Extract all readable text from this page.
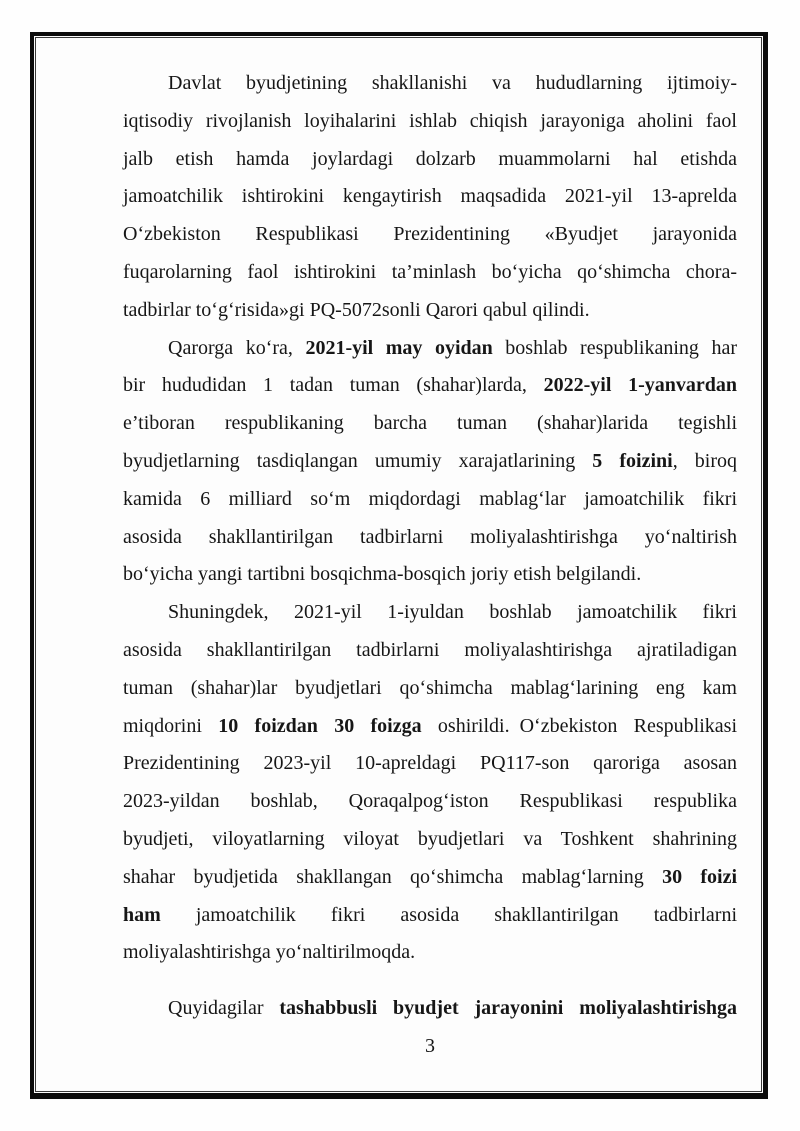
Davlat byudjetining shakllanishi va hududlarning ijtimoiy-
iqtisodiy rivojlanish loyihalarini ishlab chiqish jarayoniga aholini faol
jalb etish hamda joylardagi dolzarb muammolarni hal etishda
jamoatchilik ishtirokini kengaytirish maqsadida 2021-yil 13-aprelda
O‘zbekiston Respublikasi Prezidentining «Byudjet jarayonida
fuqarolarning faol ishtirokini ta’minlash bo‘yicha qo‘shimcha chora-
tadbirlar to‘g‘risida»gi PQ-5072sonli Qarori qabul qilindi.
Qarorga ko‘ra, 2021-yil may oyidan boshlab respublikaning har
bir hududidan 1 tadan tuman (shahar)larda, 2022-yil 1-yanvardan
e’tiboran respublikaning barcha tuman (shahar)larida tegishli
byudjetlarning tasdiqlangan umumiy xarajatlarining 5 foizini, biroq
kamida 6 milliard so‘m miqdordagi mablag‘lar jamoatchilik fikri
asosida shakllantirilgan tadbirlarni moliyalashtirishga yo‘naltirish
bo‘yicha yangi tartibni bosqichma-bosqich joriy etish belgilandi.
Shuningdek, 2021-yil 1-iyuldan boshlab jamoatchilik fikri
asosida shakllantirilgan tadbirlarni moliyalashtirishga ajratiladigan
tuman (shahar)lar byudjetlari qo‘shimcha mablag‘larining eng kam
miqdorini 10 foizdan 30 foizga oshirildi. O‘zbekiston Respublikasi
Prezidentining 2023-yil 10-apreldagi PQ117-son qaroriga asosan
2023-yildan boshlab, Qoraqalpog‘iston Respublikasi respublika
byudjeti, viloyatlarning viloyat byudjetlari va Toshkent shahrining
shahar byudjetida shakllangan qo‘shimcha mablag‘larning 30 foizi
ham jamoatchilik fikri asosida shakllantirilgan tadbirlarni
moliyalashtirishga yo‘naltirilmoqda.
Quyidagilar tashabbusli byudjet jarayonini moliyalashtirishga
3
